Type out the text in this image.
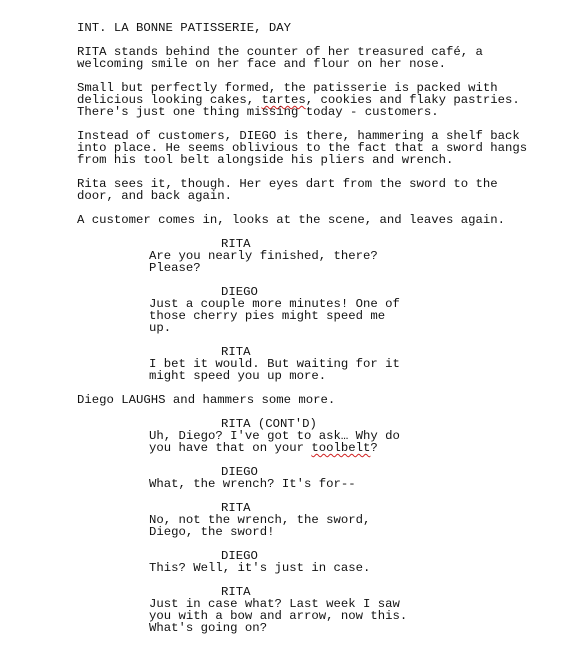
INT. LA BONNE PATISSERIE, DAY
RITA stands behind the counter of her treasured café, a
welcoming smile on her face and flour on her nose.
Small but perfectly formed, the patisserie is packed with
delicious looking cakes, tartes, cookies and flaky pastries.
There's just one thing missing today - customers.
Instead of customers, DIEGO is there, hammering a shelf back
into place. He seems oblivious to the fact that a sword hangs
from his tool belt alongside his pliers and wrench.
Rita sees it, though. Her eyes dart from the sword to the
door, and back again.
A customer comes in, looks at the scene, and leaves again.
RITA
Are you nearly finished, there?
Please?
DIEGO
Just a couple more minutes! One of
those cherry pies might speed me
up.
RITA
I bet it would. But waiting for it
might speed you up more.
Diego LAUGHS and hammers some more.
RITA (CONT'D)
Uh, Diego? I've got to ask… Why do
you have that on your toolbelt?
DIEGO
What, the wrench? It's for--
RITA
No, not the wrench, the sword,
Diego, the sword!
DIEGO
This? Well, it's just in case.
RITA
Just in case what? Last week I saw
you with a bow and arrow, now this.
What's going on?
